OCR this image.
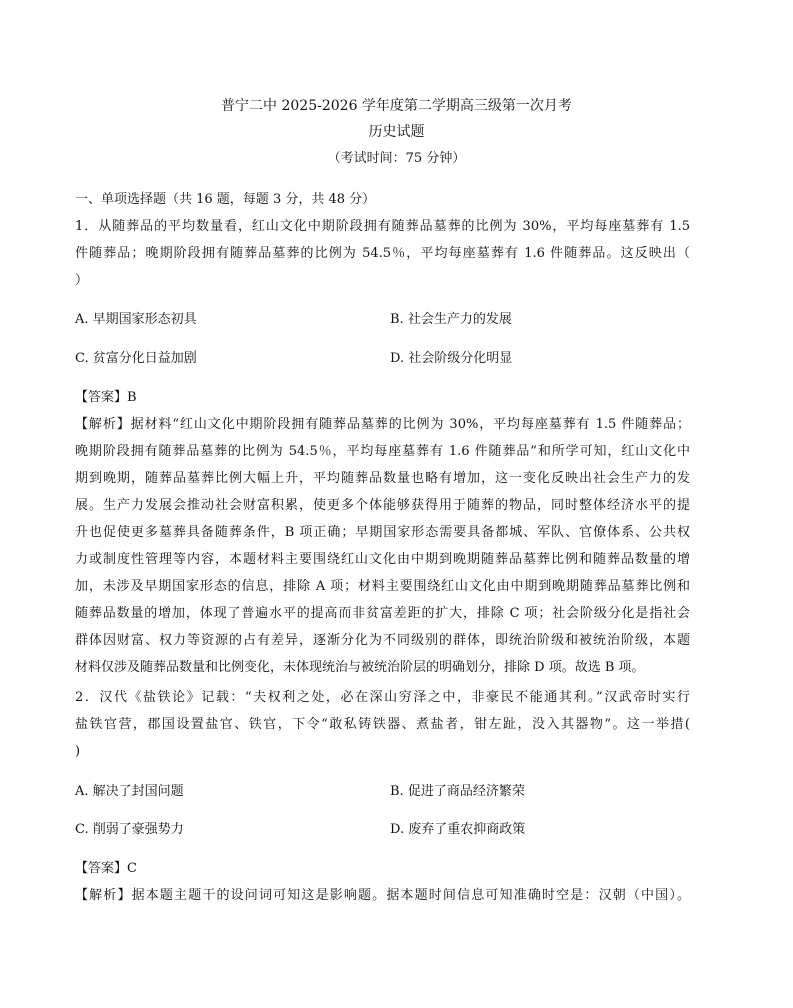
普宁二中 2025-2026 学年度第二学期高三级第一次月考
历史试题
（考试时间：75 分钟）
一、单项选择题（共 16 题，每题 3 分，共 48 分）
1．从随葬品的平均数量看，红山文化中期阶段拥有随葬品墓葬的比例为 30%，平均每座墓葬有 1.5
件随葬品；晚期阶段拥有随葬品墓葬的比例为 54.5％，平均每座墓葬有 1.6 件随葬品。这反映出（
）
A. 早期国家形态初具	B. 社会生产力的发展
C. 贫富分化日益加剧	D. 社会阶级分化明显
【答案】B
【解析】据材料“红山文化中期阶段拥有随葬品墓葬的比例为 30%，平均每座墓葬有 1.5 件随葬品；
晚期阶段拥有随葬品墓葬的比例为 54.5％，平均每座墓葬有 1.6 件随葬品”和所学可知，红山文化中
期到晚期，随葬品墓葬比例大幅上升，平均随葬品数量也略有增加，这一变化反映出社会生产力的发
展。生产力发展会推动社会财富积累，使更多个体能够获得用于随葬的物品，同时整体经济水平的提
升也促使更多墓葬具备随葬条件，B 项正确；早期国家形态需要具备都城、军队、官僚体系、公共权
力或制度性管理等内容，本题材料主要围绕红山文化由中期到晚期随葬品墓葬比例和随葬品数量的增
加，未涉及早期国家形态的信息，排除 A 项；材料主要围绕红山文化由中期到晚期随葬品墓葬比例和
随葬品数量的增加，体现了普遍水平的提高而非贫富差距的扩大，排除 C 项；社会阶级分化是指社会
群体因财富、权力等资源的占有差异，逐渐分化为不同级别的群体，即统治阶级和被统治阶级，本题
材料仅涉及随葬品数量和比例变化，未体现统治与被统治阶层的明确划分，排除 D 项。故选 B 项。
2．汉代《盐铁论》记载：“夫权利之处，必在深山穷泽之中，非豪民不能通其利。”汉武帝时实行
盐铁官营，郡国设置盐官、铁官，下令“敢私铸铁器、煮盐者，钳左趾，没入其器物”。这一举措(
)
A. 解决了封国问题	B. 促进了商品经济繁荣
C. 削弱了豪强势力	D. 废弃了重农抑商政策
【答案】C
【解析】据本题主题干的设问词可知这是影响题。据本题时间信息可知准确时空是：汉朝（中国）。
